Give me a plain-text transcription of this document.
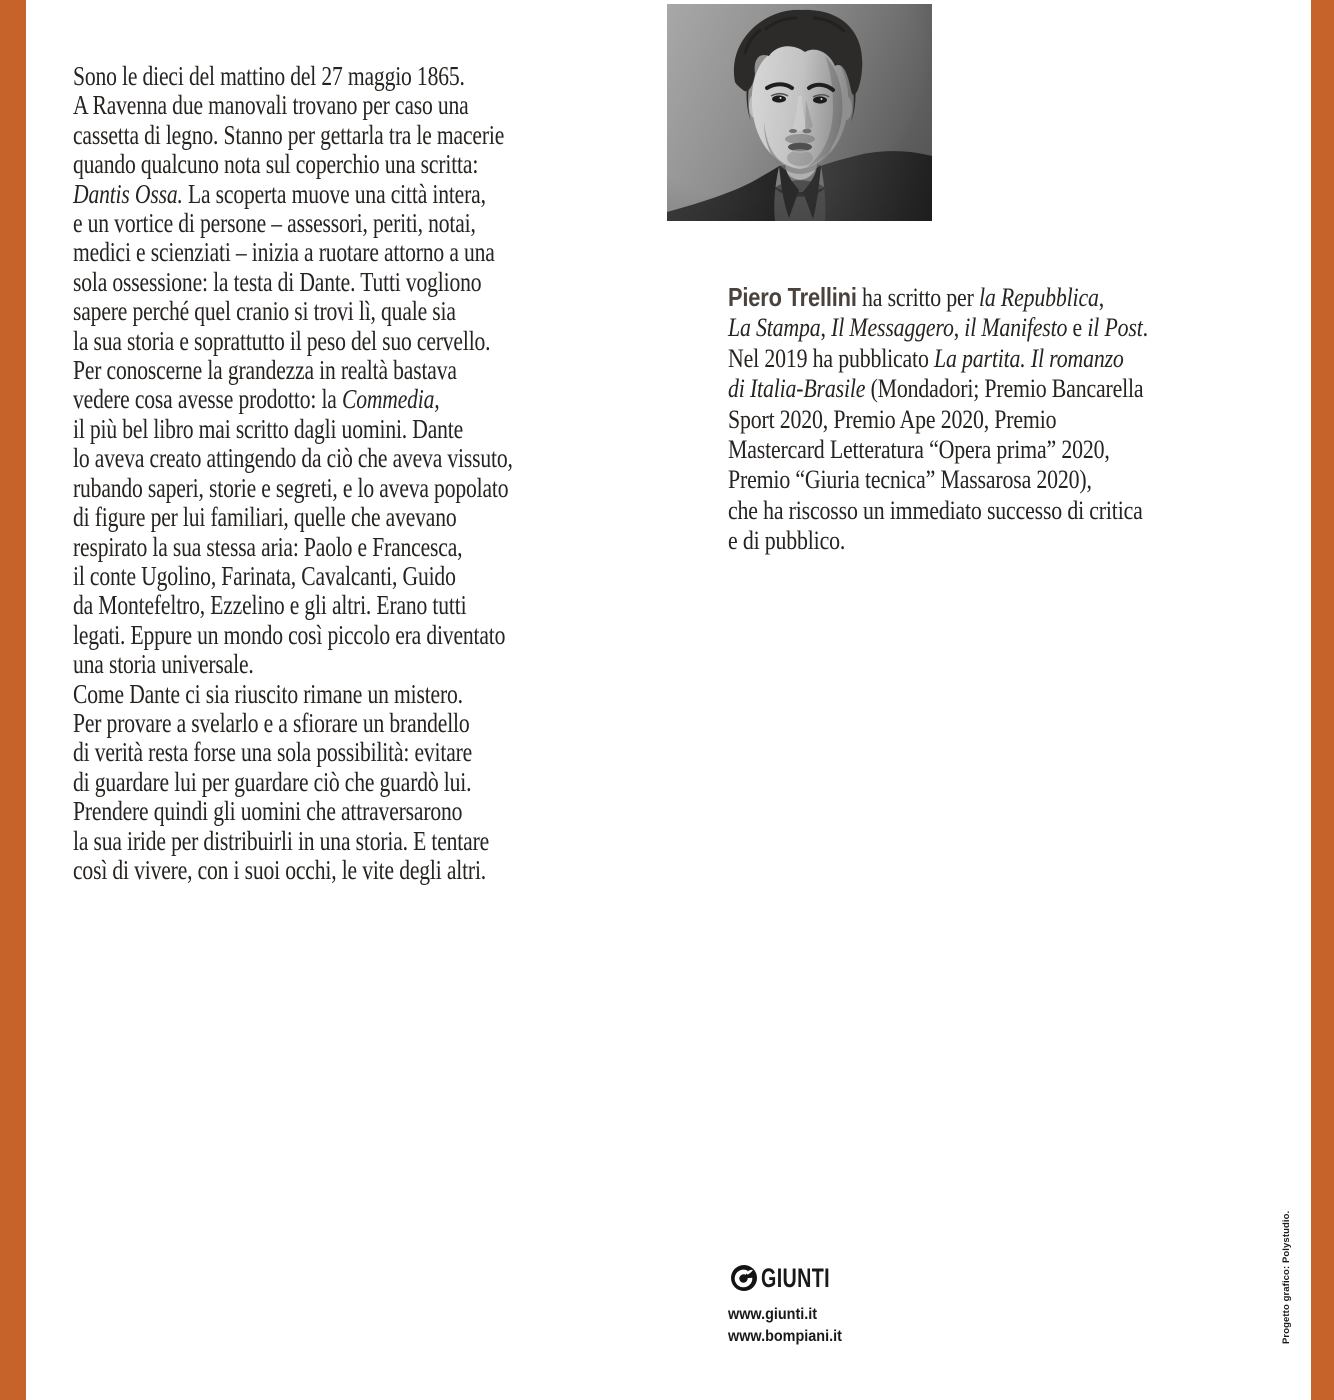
Sono le dieci del mattino del 27 maggio 1865.
A Ravenna due manovali trovano per caso una
cassetta di legno. Stanno per gettarla tra le macerie
quando qualcuno nota sul coperchio una scritta:
Dantis Ossa. La scoperta muove una città intera,
e un vortice di persone – assessori, periti, notai,
medici e scienziati – inizia a ruotare attorno a una
sola ossessione: la testa di Dante. Tutti vogliono
sapere perché quel cranio si trovi lì, quale sia
la sua storia e soprattutto il peso del suo cervello.
Per conoscerne la grandezza in realtà bastava
vedere cosa avesse prodotto: la Commedia,
il più bel libro mai scritto dagli uomini. Dante
lo aveva creato attingendo da ciò che aveva vissuto,
rubando saperi, storie e segreti, e lo aveva popolato
di figure per lui familiari, quelle che avevano
respirato la sua stessa aria: Paolo e Francesca,
il conte Ugolino, Farinata, Cavalcanti, Guido
da Montefeltro, Ezzelino e gli altri. Erano tutti
legati. Eppure un mondo così piccolo era diventato
una storia universale.
Come Dante ci sia riuscito rimane un mistero.
Per provare a svelarlo e a sfiorare un brandello
di verità resta forse una sola possibilità: evitare
di guardare lui per guardare ciò che guardò lui.
Prendere quindi gli uomini che attraversarono
la sua iride per distribuirli in una storia. E tentare
così di vivere, con i suoi occhi, le vite degli altri.
Piero Trellini ha scritto per la Repubblica,
La Stampa, Il Messaggero, il Manifesto e il Post.
Nel 2019 ha pubblicato La partita. Il romanzo
di Italia-Brasile (Mondadori; Premio Bancarella
Sport 2020, Premio Ape 2020, Premio
Mastercard Letteratura “Opera prima” 2020,
Premio “Giuria tecnica” Massarosa 2020),
che ha riscosso un immediato successo di critica
e di pubblico.
GIUNTI
www.giunti.it
www.bompiani.it	Progetto grafico: Polystudio.
